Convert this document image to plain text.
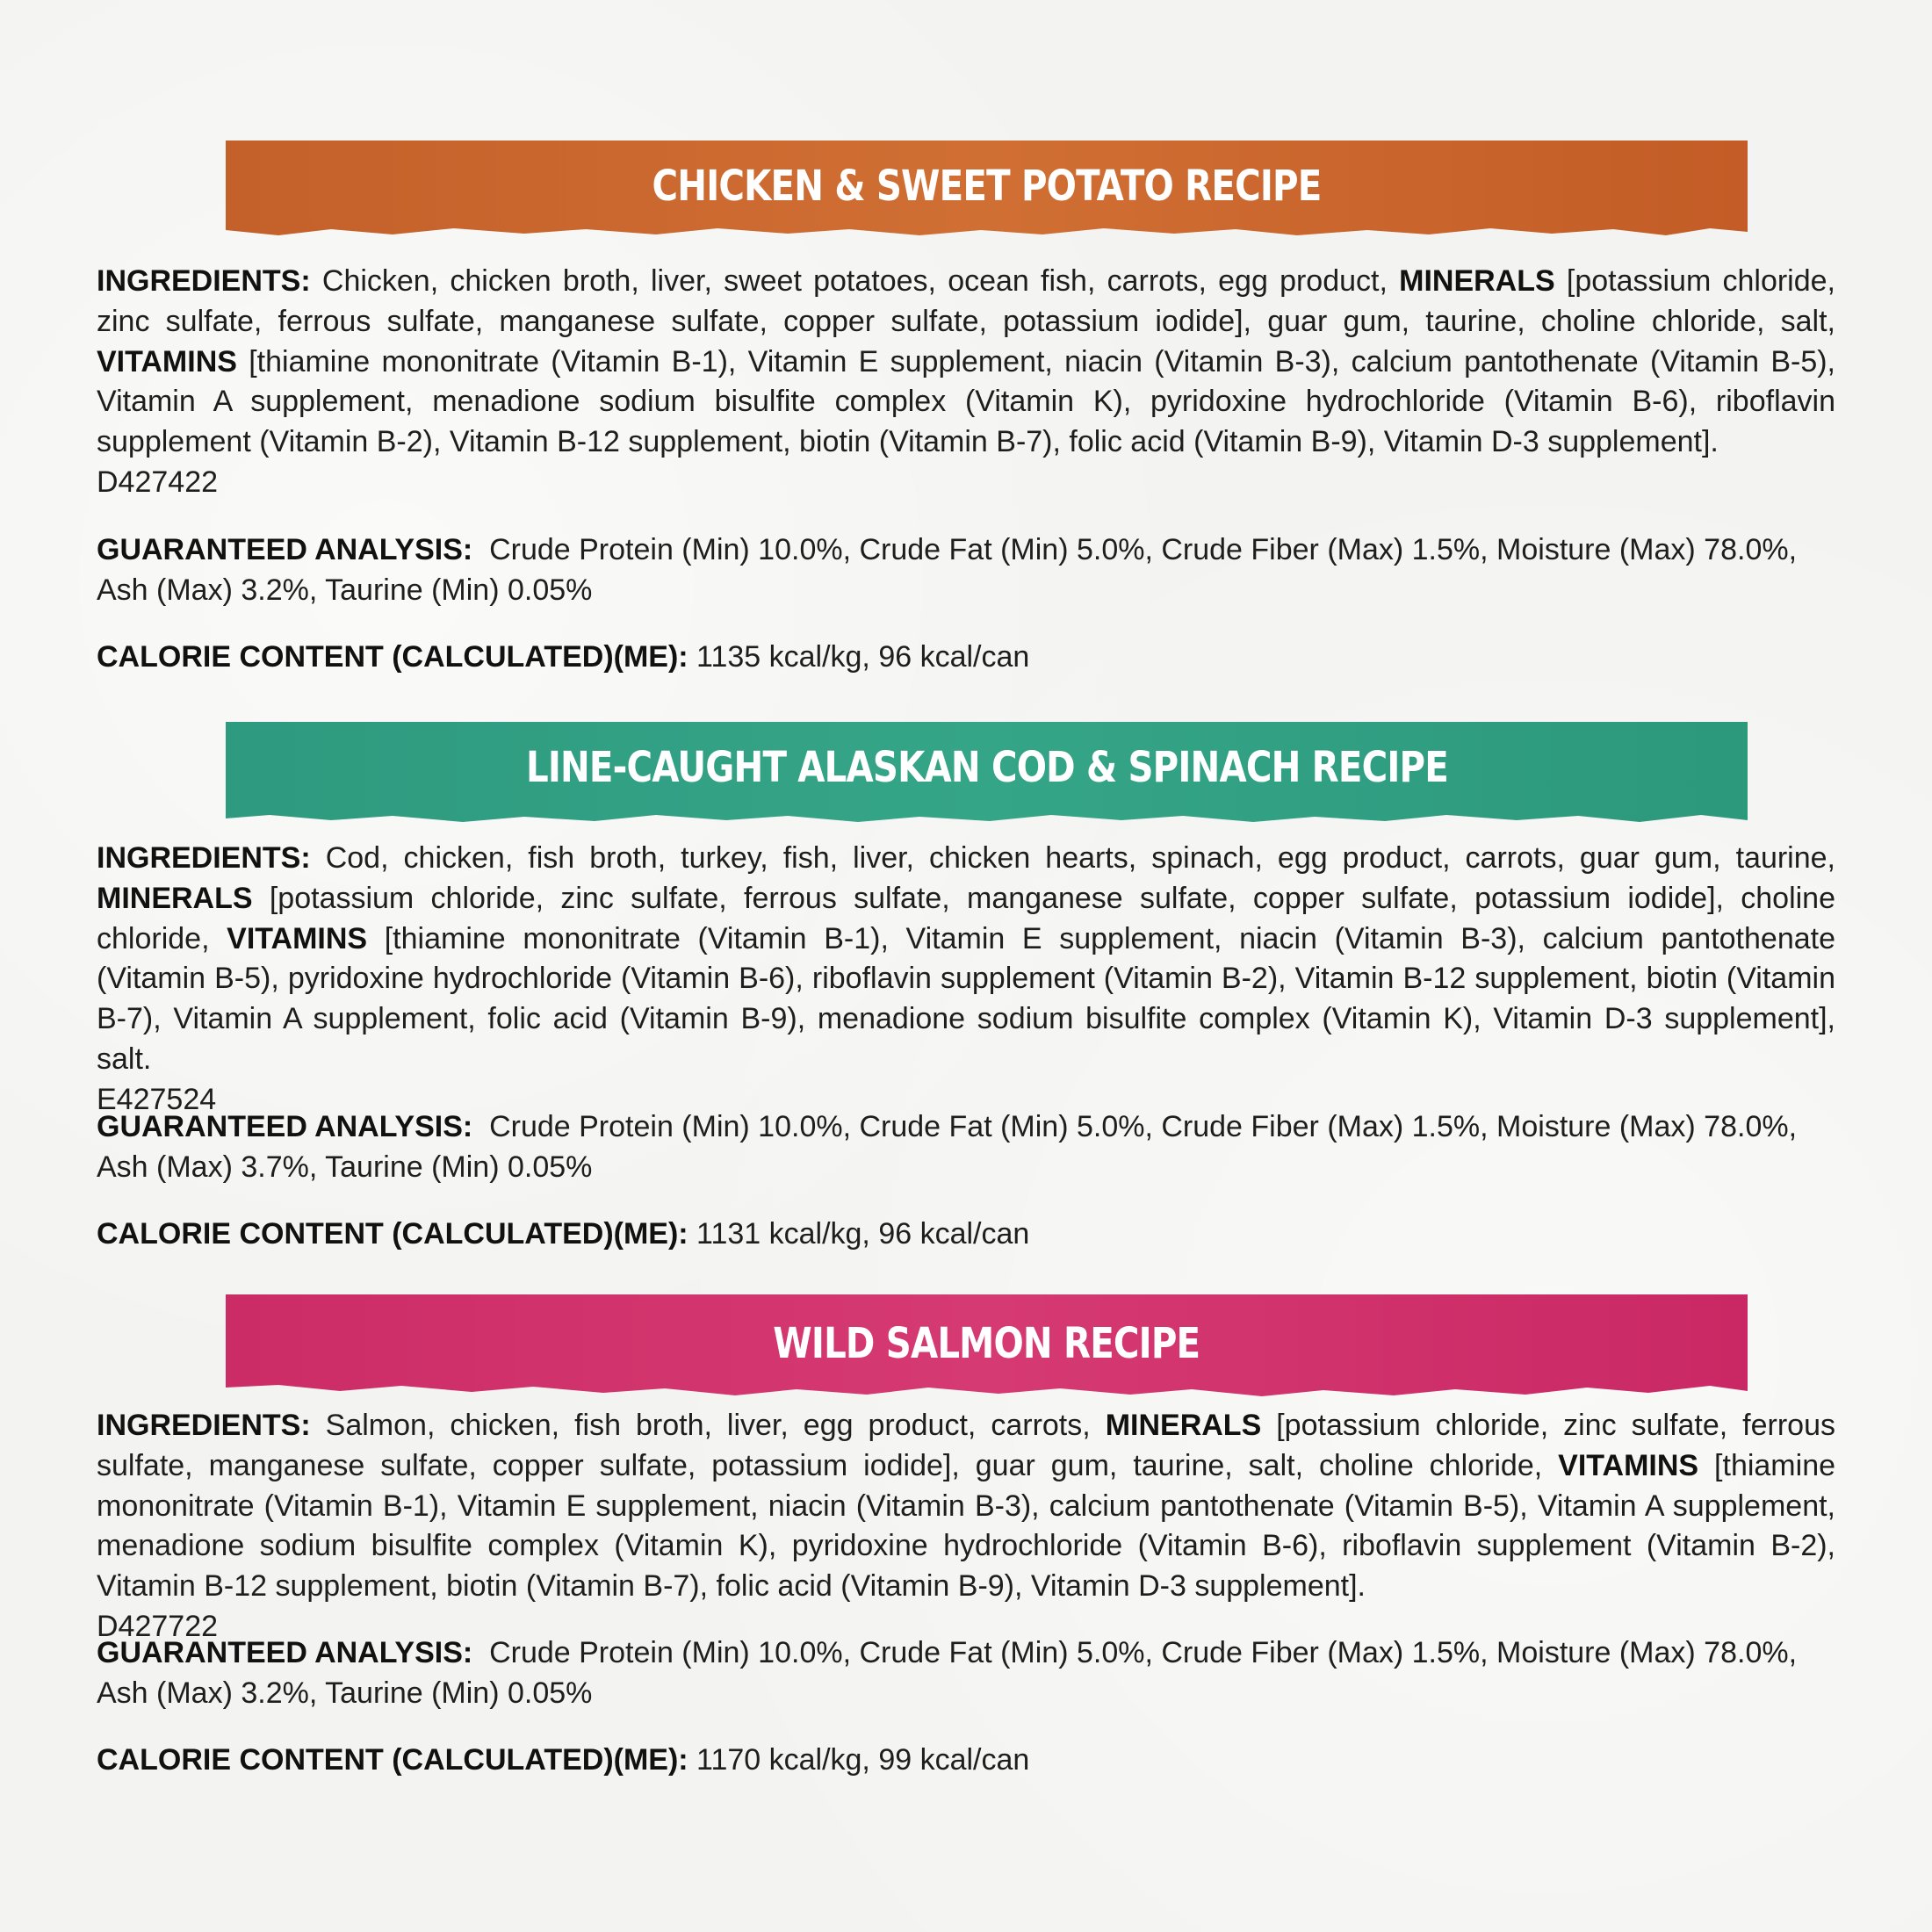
CHICKEN & SWEET POTATO RECIPE
INGREDIENTS: Chicken, chicken broth, liver, sweet potatoes, ocean fish, carrots, egg product, MINERALS [potassium chloride, zinc sulfate, ferrous sulfate, manganese sulfate, copper sulfate, potassium iodide], guar gum, taurine, choline chloride, salt, VITAMINS [thiamine mononitrate (Vitamin B-1), Vitamin E supplement, niacin (Vitamin B-3), calcium pantothenate (Vitamin B-5), Vitamin A supplement, menadione sodium bisulfite complex (Vitamin K), pyridoxine hydrochloride (Vitamin B-6), riboflavin supplement (Vitamin B-2), Vitamin B-12 supplement, biotin (Vitamin B-7), folic acid (Vitamin B-9), Vitamin D-3 supplement].
D427422
GUARANTEED ANALYSIS:  Crude Protein (Min) 10.0%, Crude Fat (Min) 5.0%, Crude Fiber (Max) 1.5%, Moisture (Max) 78.0%, Ash (Max) 3.2%, Taurine (Min) 0.05%
CALORIE CONTENT (CALCULATED)(ME): 1135 kcal/kg, 96 kcal/can
LINE-CAUGHT ALASKAN COD & SPINACH RECIPE
INGREDIENTS: Cod, chicken, fish broth, turkey, fish, liver, chicken hearts, spinach, egg product, carrots, guar gum, taurine, MINERALS [potassium chloride, zinc sulfate, ferrous sulfate, manganese sulfate, copper sulfate, potassium iodide], choline chloride, VITAMINS [thiamine mononitrate (Vitamin B-1), Vitamin E supplement, niacin (Vitamin B-3), calcium pantothenate (Vitamin B-5), pyridoxine hydrochloride (Vitamin B-6), riboflavin supplement (Vitamin B-2), Vitamin B-12 supplement, biotin (Vitamin B-7), Vitamin A supplement, folic acid (Vitamin B-9), menadione sodium bisulfite complex (Vitamin K), Vitamin D-3 supplement], salt.
E427524
GUARANTEED ANALYSIS:  Crude Protein (Min) 10.0%, Crude Fat (Min) 5.0%, Crude Fiber (Max) 1.5%, Moisture (Max) 78.0%, Ash (Max) 3.7%, Taurine (Min) 0.05%
CALORIE CONTENT (CALCULATED)(ME): 1131 kcal/kg, 96 kcal/can
WILD SALMON RECIPE
INGREDIENTS: Salmon, chicken, fish broth, liver, egg product, carrots, MINERALS [potassium chloride, zinc sulfate, ferrous sulfate, manganese sulfate, copper sulfate, potassium iodide], guar gum, taurine, salt, choline chloride, VITAMINS [thiamine mononitrate (Vitamin B-1), Vitamin E supplement, niacin (Vitamin B-3), calcium pantothenate (Vitamin B-5), Vitamin A supplement, menadione sodium bisulfite complex (Vitamin K), pyridoxine hydrochloride (Vitamin B-6), riboflavin supplement (Vitamin B-2), Vitamin B-12 supplement, biotin (Vitamin B-7), folic acid (Vitamin B-9), Vitamin D-3 supplement].
D427722
GUARANTEED ANALYSIS:  Crude Protein (Min) 10.0%, Crude Fat (Min) 5.0%, Crude Fiber (Max) 1.5%, Moisture (Max) 78.0%, Ash (Max) 3.2%, Taurine (Min) 0.05%
CALORIE CONTENT (CALCULATED)(ME): 1170 kcal/kg, 99 kcal/can
